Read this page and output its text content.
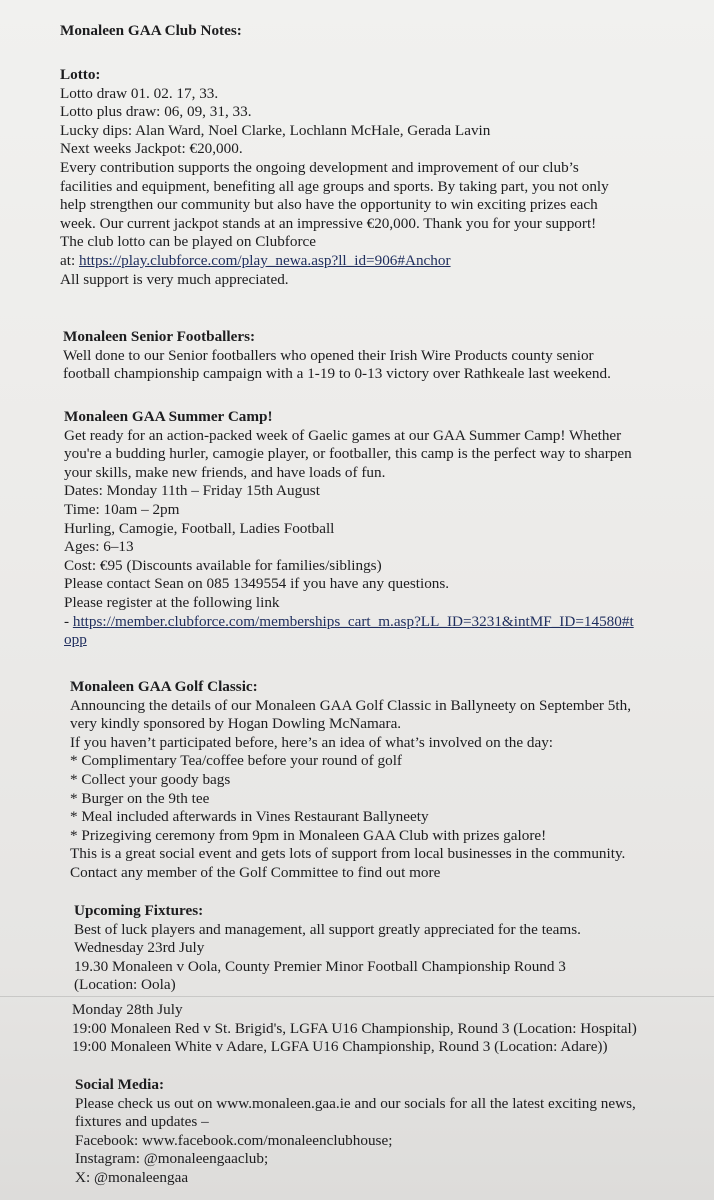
Monaleen GAA Club Notes:
Lotto:
Lotto draw 01. 02. 17, 33.
Lotto plus draw: 06, 09, 31, 33.
Lucky dips: Alan Ward, Noel Clarke, Lochlann McHale, Gerada Lavin
Next weeks Jackpot: €20,000.
Every contribution supports the ongoing development and improvement of our club’s
facilities and equipment, benefiting all age groups and sports. By taking part, you not only
help strengthen our community but also have the opportunity to win exciting prizes each
week. Our current jackpot stands at an impressive €20,000. Thank you for your support!
The club lotto can be played on Clubforce
at: https://play.clubforce.com/play_newa.asp?ll_id=906#Anchor
All support is very much appreciated.
Monaleen Senior Footballers:
Well done to our Senior footballers who opened their Irish Wire Products county senior
football championship campaign with a 1-19 to 0-13 victory over Rathkeale last weekend.
Monaleen GAA Summer Camp!
Get ready for an action-packed week of Gaelic games at our GAA Summer Camp! Whether
you're a budding hurler, camogie player, or footballer, this camp is the perfect way to sharpen
your skills, make new friends, and have loads of fun.
Dates: Monday 11th – Friday 15th August
Time: 10am – 2pm
Hurling, Camogie, Football, Ladies Football
Ages: 6–13
Cost: €95 (Discounts available for families/siblings)
Please contact Sean on 085 1349554 if you have any questions.
Please register at the following link
- https://member.clubforce.com/memberships_cart_m.asp?LL_ID=3231&intMF_ID=14580#t
opp
Monaleen GAA Golf Classic:
Announcing the details of our Monaleen GAA Golf Classic in Ballyneety on September 5th,
very kindly sponsored by Hogan Dowling McNamara.
If you haven’t participated before, here’s an idea of what’s involved on the day:
* Complimentary Tea/coffee before your round of golf
* Collect your goody bags
* Burger on the 9th tee
* Meal included afterwards in Vines Restaurant Ballyneety
* Prizegiving ceremony from 9pm in Monaleen GAA Club with prizes galore!
This is a great social event and gets lots of support from local businesses in the community.
Contact any member of the Golf Committee to find out more
Upcoming Fixtures:
Best of luck players and management, all support greatly appreciated for the teams.
Wednesday 23rd July
19.30 Monaleen v Oola, County Premier Minor Football Championship Round 3
(Location: Oola)
Monday 28th July
19:00 Monaleen Red v St. Brigid's, LGFA U16 Championship, Round 3 (Location: Hospital)
19:00 Monaleen White v Adare, LGFA U16 Championship, Round 3 (Location: Adare))
Social Media:
Please check us out on www.monaleen.gaa.ie and our socials for all the latest exciting news,
fixtures and updates –
Facebook: www.facebook.com/monaleenclubhouse;
Instagram: @monaleengaaclub;
X: @monaleengaa
